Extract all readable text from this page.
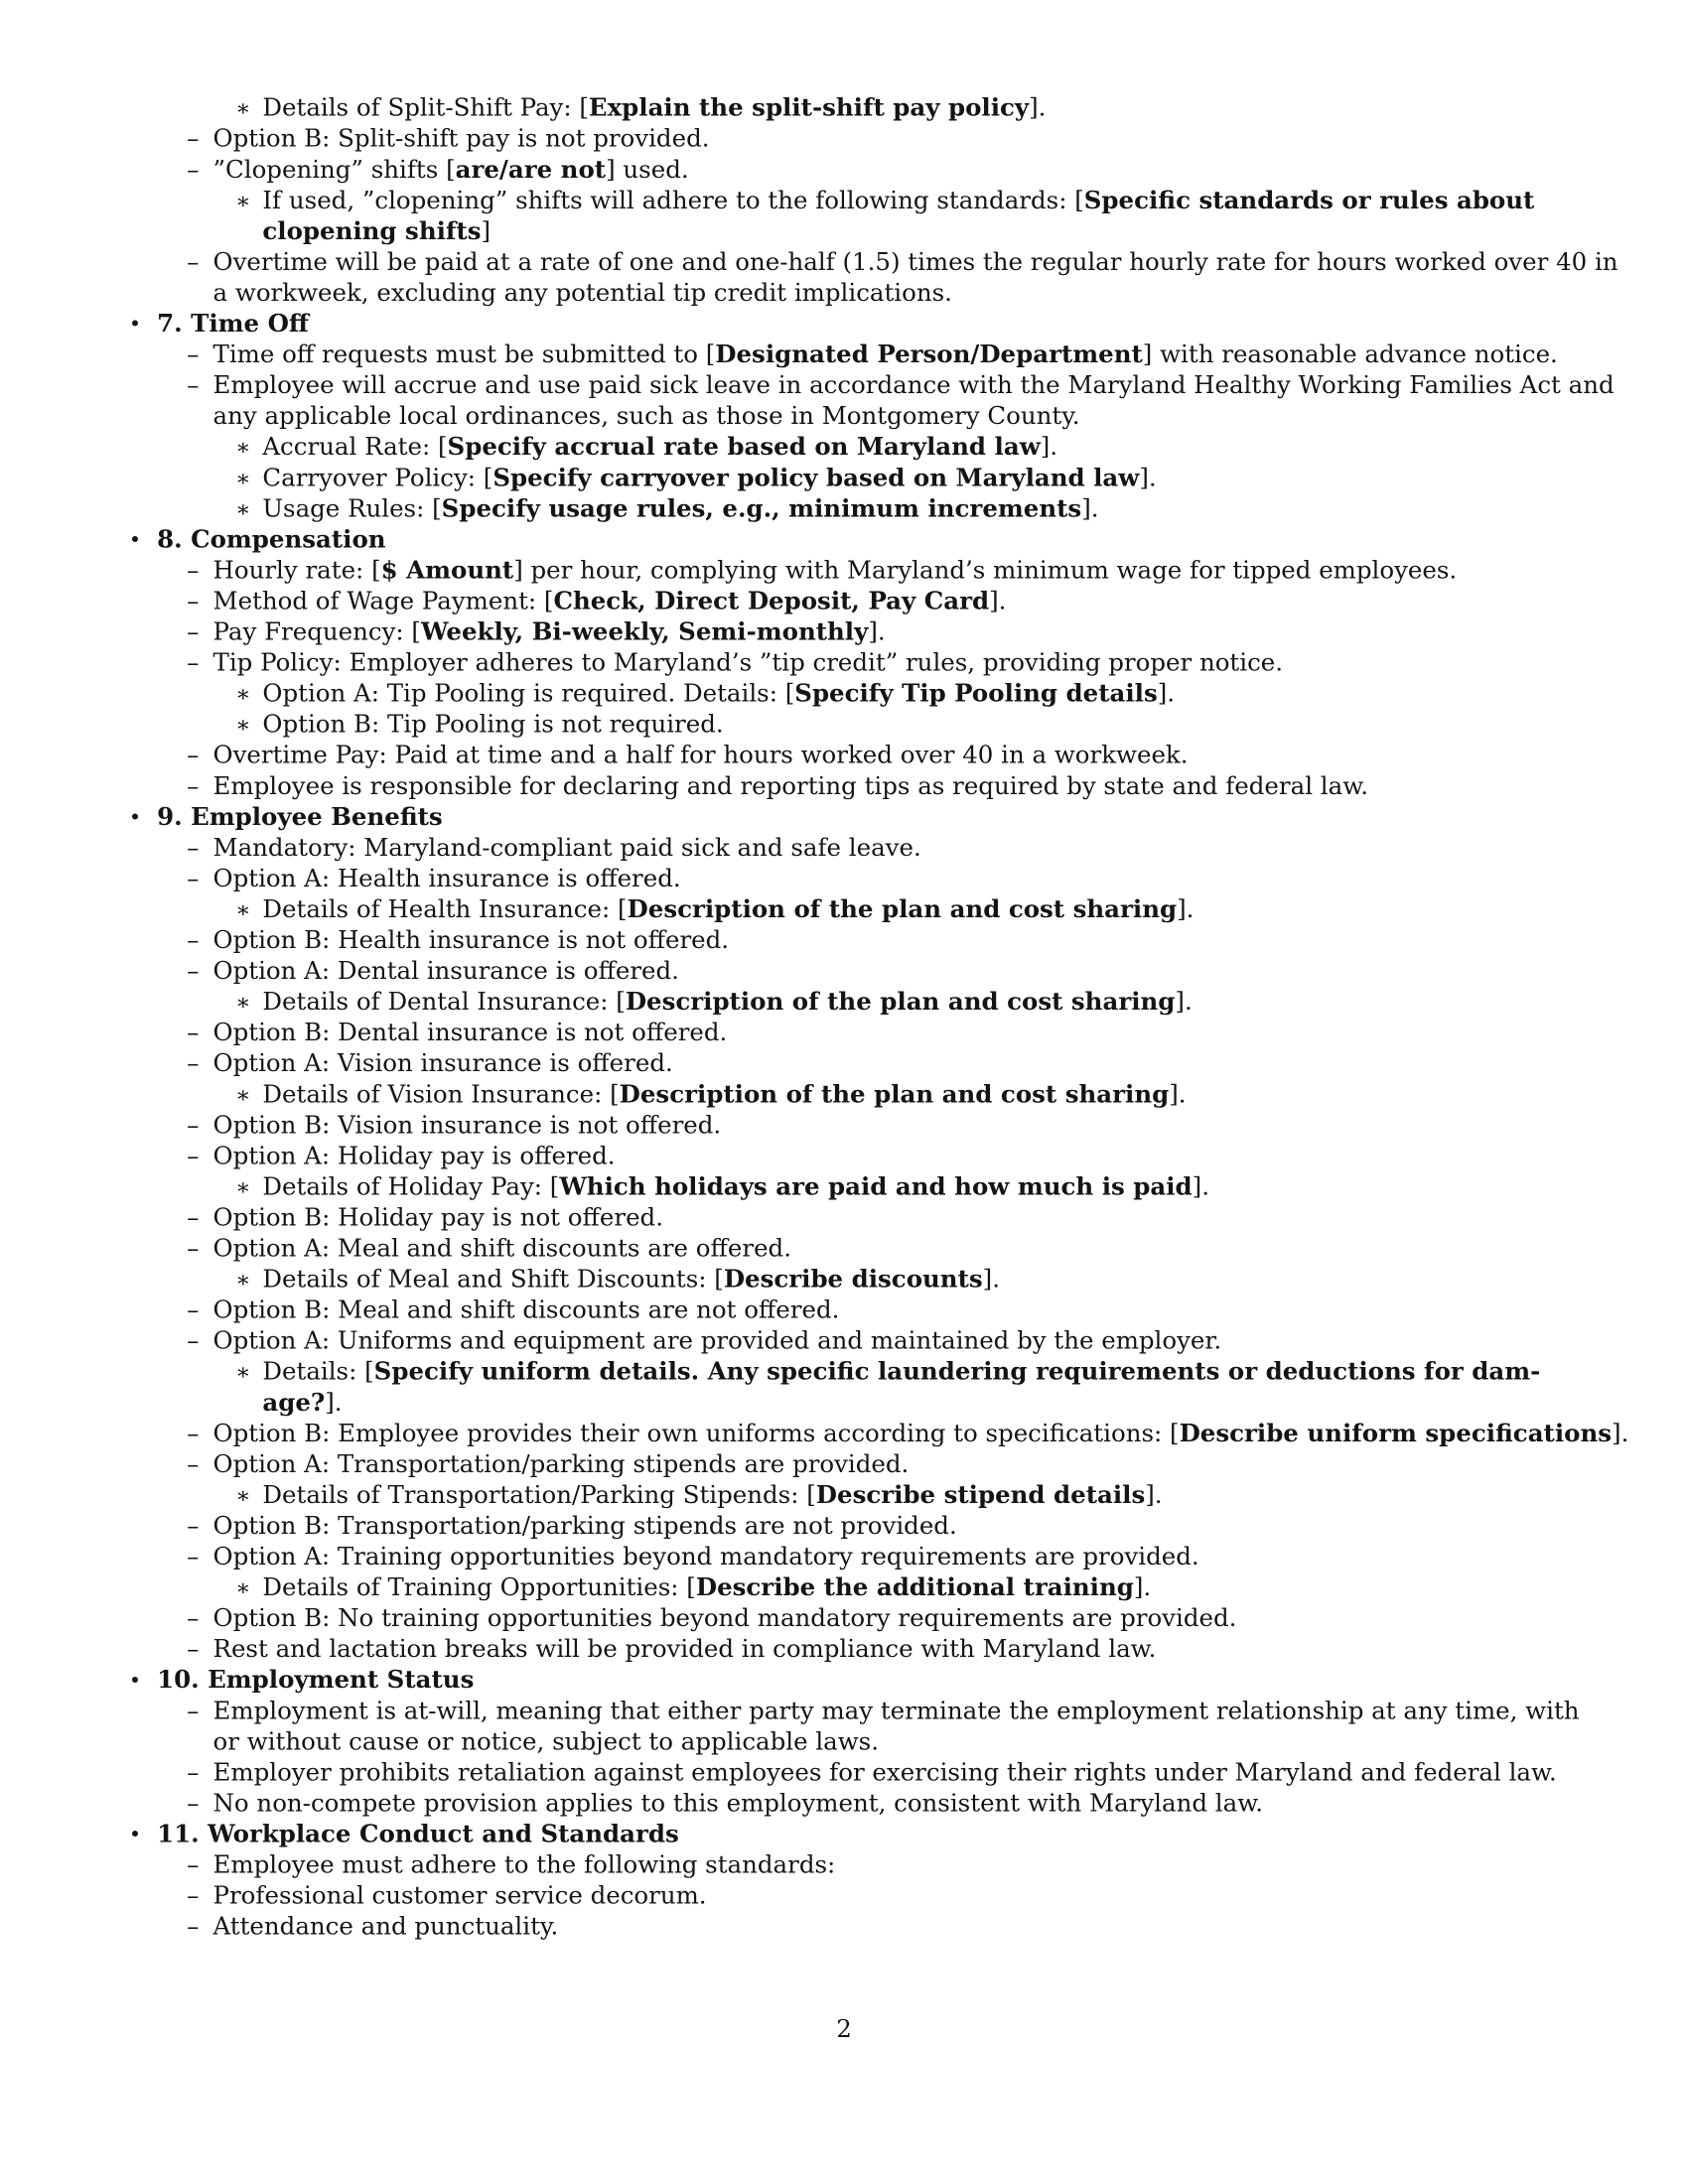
∗ Details of Split-Shift Pay: [Explain the split-shift pay policy].
– Option B: Split-shift pay is not provided.
– ”Clopening” shifts [are/are not] used.
∗ If used, ”clopening” shifts will adhere to the following standards: [Specific standards or rules about
clopening shifts]
– Overtime will be paid at a rate of one and one-half (1.5) times the regular hourly rate for hours worked over 40 in
a workweek, excluding any potential tip credit implications.
• 7. Time Off
– Time off requests must be submitted to [Designated Person/Department] with reasonable advance notice.
– Employee will accrue and use paid sick leave in accordance with the Maryland Healthy Working Families Act and
any applicable local ordinances, such as those in Montgomery County.
∗ Accrual Rate: [Specify accrual rate based on Maryland law].
∗ Carryover Policy: [Specify carryover policy based on Maryland law].
∗ Usage Rules: [Specify usage rules, e.g., minimum increments].
• 8. Compensation
– Hourly rate: [$ Amount] per hour, complying with Maryland’s minimum wage for tipped employees.
– Method of Wage Payment: [Check, Direct Deposit, Pay Card].
– Pay Frequency: [Weekly, Bi-weekly, Semi-monthly].
– Tip Policy: Employer adheres to Maryland’s ”tip credit” rules, providing proper notice.
∗ Option A: Tip Pooling is required. Details: [Specify Tip Pooling details].
∗ Option B: Tip Pooling is not required.
– Overtime Pay: Paid at time and a half for hours worked over 40 in a workweek.
– Employee is responsible for declaring and reporting tips as required by state and federal law.
• 9. Employee Benefits
– Mandatory: Maryland-compliant paid sick and safe leave.
– Option A: Health insurance is offered.
∗ Details of Health Insurance: [Description of the plan and cost sharing].
– Option B: Health insurance is not offered.
– Option A: Dental insurance is offered.
∗ Details of Dental Insurance: [Description of the plan and cost sharing].
– Option B: Dental insurance is not offered.
– Option A: Vision insurance is offered.
∗ Details of Vision Insurance: [Description of the plan and cost sharing].
– Option B: Vision insurance is not offered.
– Option A: Holiday pay is offered.
∗ Details of Holiday Pay: [Which holidays are paid and how much is paid].
– Option B: Holiday pay is not offered.
– Option A: Meal and shift discounts are offered.
∗ Details of Meal and Shift Discounts: [Describe discounts].
– Option B: Meal and shift discounts are not offered.
– Option A: Uniforms and equipment are provided and maintained by the employer.
∗ Details: [Specify uniform details. Any specific laundering requirements or deductions for dam-
age?].
– Option B: Employee provides their own uniforms according to specifications: [Describe uniform specifications].
– Option A: Transportation/parking stipends are provided.
∗ Details of Transportation/Parking Stipends: [Describe stipend details].
– Option B: Transportation/parking stipends are not provided.
– Option A: Training opportunities beyond mandatory requirements are provided.
∗ Details of Training Opportunities: [Describe the additional training].
– Option B: No training opportunities beyond mandatory requirements are provided.
– Rest and lactation breaks will be provided in compliance with Maryland law.
• 10. Employment Status
– Employment is at-will, meaning that either party may terminate the employment relationship at any time, with
or without cause or notice, subject to applicable laws.
– Employer prohibits retaliation against employees for exercising their rights under Maryland and federal law.
– No non-compete provision applies to this employment, consistent with Maryland law.
• 11. Workplace Conduct and Standards
– Employee must adhere to the following standards:
– Professional customer service decorum.
– Attendance and punctuality.
2
